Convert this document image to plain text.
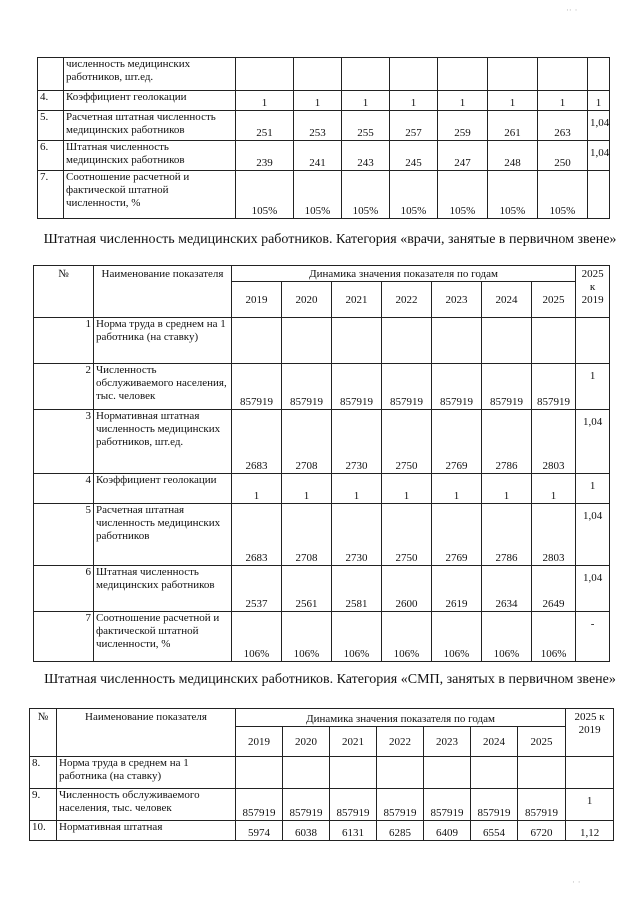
	численность медицинских работников, шт.ед.								
4.	Коэффициент геолокации	1	1	1	1	1	1	1	1
5.	Расчетная штатная численность медицинских работников	251	253	255	257	259	261	263	1,04
6.	Штатная численность медицинских работников	239	241	243	245	247	248	250	1,04
7.	Соотношение расчетной и фактической штатной численности, %	105%	105%	105%	105%	105%	105%	105%	
Штатная численность медицинских работников. Категория «врачи, занятые в первичном звене»
№	Наименование показателя	Динамика значения показателя по годам							2025 к 2019
		2019	2020	2021	2022	2023	2024	2025	
1	Норма труда в среднем на 1 работника (на ставку)								
2	Численность обслуживаемого населения, тыс. человек	857919	857919	857919	857919	857919	857919	857919	1
3	Нормативная штатная численность медицинских работников, шт.ед.	2683	2708	2730	2750	2769	2786	2803	1,04
4	Коэффициент геолокации	1	1	1	1	1	1	1	1
5	Расчетная штатная численность медицинских работников	2683	2708	2730	2750	2769	2786	2803	1,04
6	Штатная численность медицинских работников	2537	2561	2581	2600	2619	2634	2649	1,04
7	Соотношение расчетной и фактической штатной численности, %	106%	106%	106%	106%	106%	106%	106%	-
Штатная численность медицинских работников. Категория «СМП, занятых в первичном звене»
№	Наименование показателя	Динамика значения показателя по годам							2025 к 2019
		2019	2020	2021	2022	2023	2024	2025	
8.	Норма труда в среднем на 1 работника (на ставку)								
9.	Численность обслуживаемого населения, тыс. человек	857919	857919	857919	857919	857919	857919	857919	1
10.	Нормативная штатная	5974	6038	6131	6285	6409	6554	6720	1,12
·· ·
· ·
